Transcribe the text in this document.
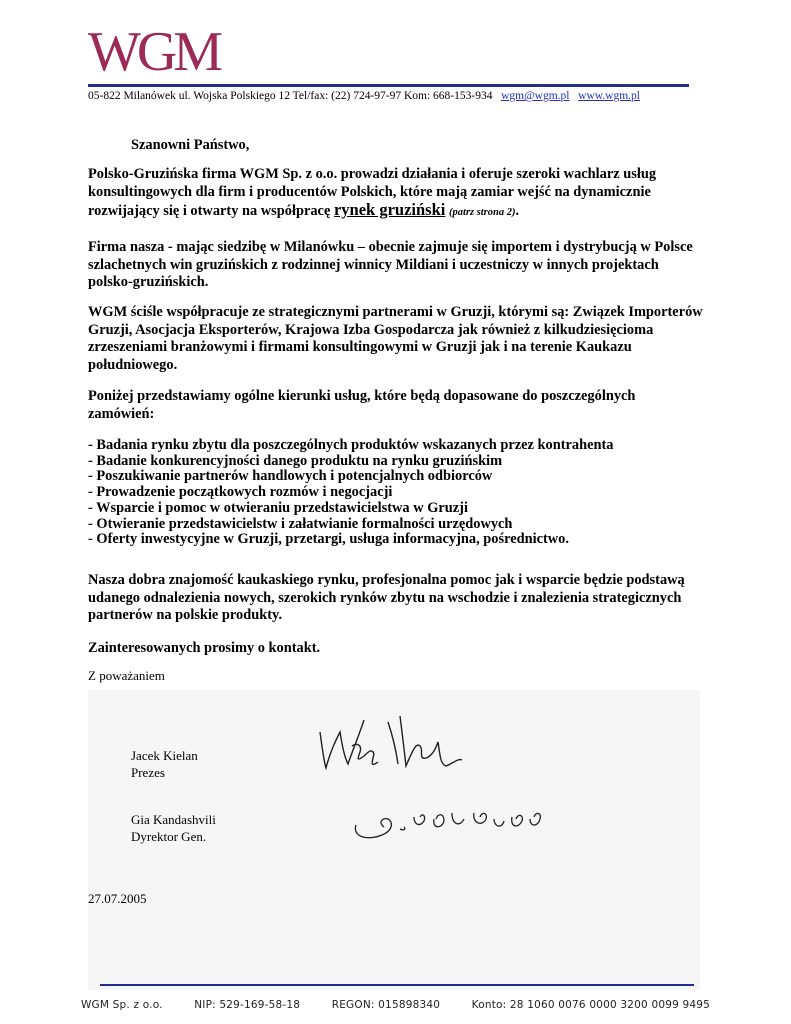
WGM
05-822 Milanówek ul. Wojska Polskiego 12 Tel/fax: (22) 724-97-97 Kom: 668-153-934 wgm@wgm.pl www.wgm.pl
Szanowni Państwo,
Polsko-Gruzińska firma WGM Sp. z o.o. prowadzi działania i oferuje szeroki wachlarz usług konsultingowych dla firm i producentów Polskich, które mają zamiar wejść na dynamicznie rozwijający się i otwarty na współpracę rynek gruziński (patrz strona 2).
Firma nasza - mając siedzibę w Milanówku – obecnie zajmuje się importem i dystrybucją w Polsce szlachetnych win gruzińskich z rodzinnej winnicy Mildiani i uczestniczy w innych projektach polsko-gruzińskich.
WGM ściśle współpracuje ze strategicznymi partnerami w Gruzji, którymi są: Związek Importerów Gruzji, Asocjacja Eksporterów, Krajowa Izba Gospodarcza jak również z kilkudziesięcioma zrzeszeniami branżowymi i firmami konsultingowymi w Gruzji jak i na terenie Kaukazu południowego.
Poniżej przedstawiamy ogólne kierunki usług, które będą dopasowane do poszczególnych zamówień:
- Badania rynku zbytu dla poszczególnych produktów wskazanych przez kontrahenta
- Badanie konkurencyjności danego produktu na rynku gruzińskim
- Poszukiwanie partnerów handlowych i potencjalnych odbiorców
- Prowadzenie początkowych rozmów i negocjacji
- Wsparcie i pomoc w otwieraniu przedstawicielstwa w Gruzji
- Otwieranie przedstawicielstw i załatwianie formalności urzędowych
- Oferty inwestycyjne w Gruzji, przetargi, usługa informacyjna, pośrednictwo.
Nasza dobra znajomość kaukaskiego rynku, profesjonalna pomoc jak i wsparcie będzie podstawą udanego odnalezienia nowych, szerokich rynków zbytu na wschodzie i znalezienia strategicznych partnerów na polskie produkty.
Zainteresowanych prosimy o kontakt.
Z poważaniem
Jacek Kielan
Prezes
Gia Kandashvili
Dyrektor Gen.
27.07.2005
WGM Sp. z o.o.	NIP: 529-169-58-18	REGON: 015898340	Konto: 28 1060 0076 0000 3200 0099 9495
